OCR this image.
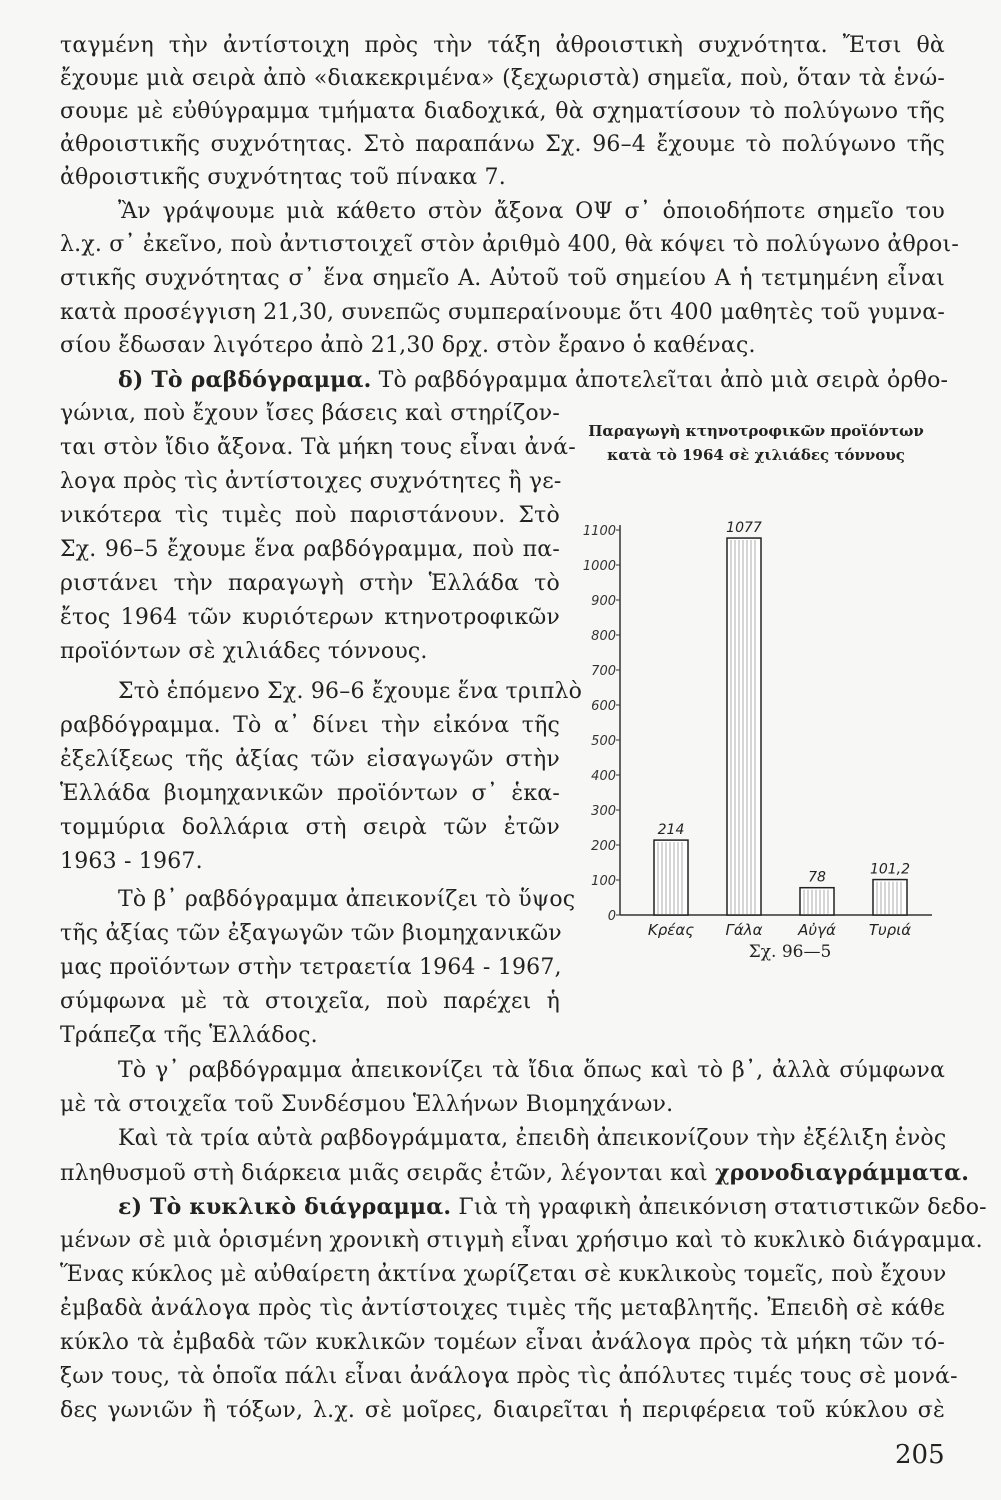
ταγμένη τὴν ἀντίστοιχη πρὸς τὴν τάξη ἀθροιστικὴ συχνότητα. Ἔτσι θὰ
ἔχουμε μιὰ σειρὰ ἀπὸ «διακεκριμένα» (ξεχωριστὰ) σημεῖα, ποὺ, ὅταν τὰ ἑνώ-
σουμε μὲ εὐθύγραμμα τμήματα διαδοχικά, θὰ σχηματίσουν τὸ πολύγωνο τῆς
ἀθροιστικῆς συχνότητας. Στὸ παραπάνω Σχ. 96–4 ἔχουμε τὸ πολύγωνο τῆς
ἀθροιστικῆς συχνότητας τοῦ πίνακα 7.
Ἂν γράψουμε μιὰ κάθετο στὸν ἄξονα ΟΨ σ᾽ ὁποιοδήποτε σημεῖο του
λ.χ. σ᾽ ἐκεῖνο, ποὺ ἀντιστοιχεῖ στὸν ἀριθμὸ 400, θὰ κόψει τὸ πολύγωνο ἀθροι-
στικῆς συχνότητας σ᾽ ἕνα σημεῖο Α. Αὐτοῦ τοῦ σημείου Α ἡ τετμημένη εἶναι
κατὰ προσέγγιση 21,30, συνεπῶς συμπεραίνουμε ὅτι 400 μαθητὲς τοῦ γυμνα-
σίου ἔδωσαν λιγότερο ἀπὸ 21,30 δρχ. στὸν ἔρανο ὁ καθένας.
δ) Τὸ ραβδόγραμμα. Τὸ ραβδόγραμμα ἀποτελεῖται ἀπὸ μιὰ σειρὰ ὀρθο-
γώνια, ποὺ ἔχουν ἴσες βάσεις καὶ στηρίζον-
ται στὸν ἴδιο ἄξονα. Τὰ μήκη τους εἶναι ἀνά-
λογα πρὸς τὶς ἀντίστοιχες συχνότητες ἢ γε-
νικότερα τὶς τιμὲς ποὺ παριστάνουν. Στὸ
Σχ. 96–5 ἔχουμε ἕνα ραβδόγραμμα, ποὺ πα-
ριστάνει τὴν παραγωγὴ στὴν Ἑλλάδα τὸ
ἔτος 1964 τῶν κυριότερων κτηνοτροφικῶν
προϊόντων σὲ χιλιάδες τόννους.
Στὸ ἑπόμενο Σχ. 96–6 ἔχουμε ἕνα τριπλὸ
ραβδόγραμμα. Τὸ α᾽ δίνει τὴν εἰκόνα τῆς
ἐξελίξεως τῆς ἀξίας τῶν εἰσαγωγῶν στὴν
Ἑλλάδα βιομηχανικῶν προϊόντων σ᾽ ἑκα-
τομμύρια δολλάρια στὴ σειρὰ τῶν ἐτῶν
1963 - 1967.
Τὸ β᾽ ραβδόγραμμα ἀπεικονίζει τὸ ὕψος
τῆς ἀξίας τῶν ἐξαγωγῶν τῶν βιομηχανικῶν
μας προϊόντων στὴν τετραετία 1964 - 1967,
σύμφωνα μὲ τὰ στοιχεῖα, ποὺ παρέχει ἡ
Τράπεζα τῆς Ἑλλάδος.
Παραγωγὴ κτηνοτροφικῶν προϊόντων
κατὰ τὸ 1964 σὲ χιλιάδες τόννους
0
100
200
300
400
500
600
700
800
900
1000
1100
214
Κρέας
1077
Γάλα
78
Αὐγά
101,2
Τυριά
Σχ. 96—5
Τὸ γ᾽ ραβδόγραμμα ἀπεικονίζει τὰ ἴδια ὅπως καὶ τὸ β᾽, ἀλλὰ σύμφωνα
μὲ τὰ στοιχεῖα τοῦ Συνδέσμου Ἑλλήνων Βιομηχάνων.
Καὶ τὰ τρία αὐτὰ ραβδογράμματα, ἐπειδὴ ἀπεικονίζουν τὴν ἐξέλιξη ἑνὸς
πληθυσμοῦ στὴ διάρκεια μιᾶς σειρᾶς ἐτῶν, λέγονται καὶ χρονοδιαγράμματα.
ε) Τὸ κυκλικὸ διάγραμμα. Γιὰ τὴ γραφικὴ ἀπεικόνιση στατιστικῶν δεδο-
μένων σὲ μιὰ ὁρισμένη χρονικὴ στιγμὴ εἶναι χρήσιμο καὶ τὸ κυκλικὸ διάγραμμα.
Ἕνας κύκλος μὲ αὐθαίρετη ἀκτίνα χωρίζεται σὲ κυκλικοὺς τομεῖς, ποὺ ἔχουν
ἐμβαδὰ ἀνάλογα πρὸς τὶς ἀντίστοιχες τιμὲς τῆς μεταβλητῆς. Ἐπειδὴ σὲ κάθε
κύκλο τὰ ἐμβαδὰ τῶν κυκλικῶν τομέων εἶναι ἀνάλογα πρὸς τὰ μήκη τῶν τό-
ξων τους, τὰ ὁποῖα πάλι εἶναι ἀνάλογα πρὸς τὶς ἀπόλυτες τιμές τους σὲ μονά-
δες γωνιῶν ἢ τόξων, λ.χ. σὲ μοῖρες, διαιρεῖται ἡ περιφέρεια τοῦ κύκλου σὲ
205
